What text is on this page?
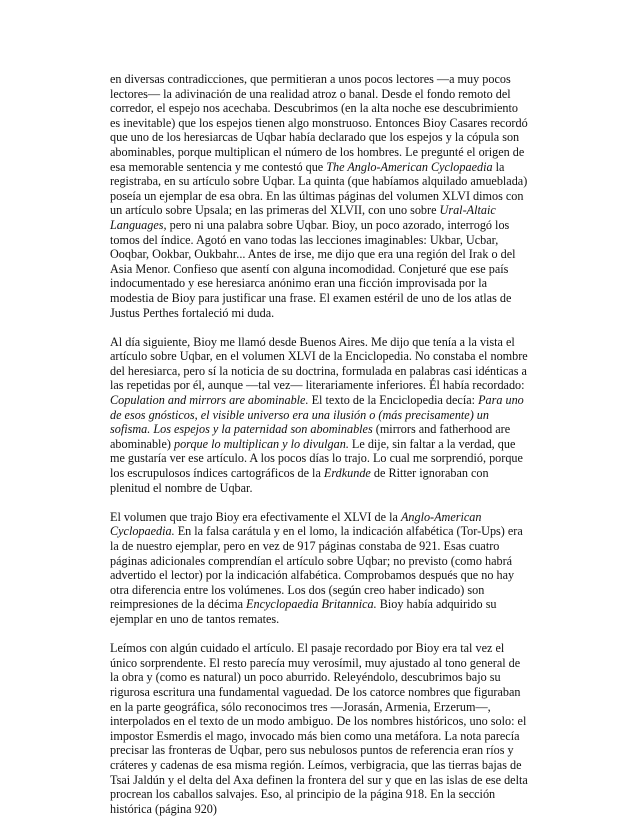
en diversas contradicciones, que permitieran a unos pocos lectores —a muy pocos lectores— la adivinación de una realidad atroz o banal. Desde el fondo remoto del corredor, el espejo nos acechaba. Descubrimos (en la alta noche ese descubrimiento es inevitable) que los espejos tienen algo monstruoso. Entonces Bioy Casares recordó que uno de los heresiarcas de Uqbar había declarado que los espejos y la cópula son abominables, porque multiplican el número de los hombres. Le pregunté el origen de esa memorable sentencia y me contestó que The Anglo-American Cyclopaedia la registraba, en su artículo sobre Uqbar. La quinta (que habíamos alquilado amueblada) poseía un ejemplar de esa obra. En las últimas páginas del volumen XLVI dimos con un artículo sobre Upsala; en las primeras del XLVII, con uno sobre Ural-Altaic Languages, pero ni una palabra sobre Uqbar. Bioy, un poco azorado, interrogó los tomos del índice. Agotó en vano todas las lecciones imaginables: Ukbar, Ucbar, Ooqbar, Ookbar, Oukbahr... Antes de irse, me dijo que era una región del Irak o del Asia Menor. Confieso que asentí con alguna incomodidad. Conjeturé que ese país indocumentado y ese heresiarca anónimo eran una ficción improvisada por la modestia de Bioy para justificar una frase. El examen estéril de uno de los atlas de Justus Perthes fortaleció mi duda.

Al día siguiente, Bioy me llamó desde Buenos Aires. Me dijo que tenía a la vista el artículo sobre Uqbar, en el volumen XLVI de la Enciclopedia. No constaba el nombre del heresiarca, pero sí la noticia de su doctrina, formulada en palabras casi idénticas a las repetidas por él, aunque —tal vez— literariamente inferiores. Él había recordado: Copulation and mirrors are abominable. El texto de la Enciclopedia decía: Para uno de esos gnósticos, el visible universo era una ilusión o (más precisamente) un sofisma. Los espejos y la paternidad son abominables (mirrors and fatherhood are abominable) porque lo multiplican y lo divulgan. Le dije, sin faltar a la verdad, que me gustaría ver ese artículo. A los pocos días lo trajo. Lo cual me sorprendió, porque los escrupulosos índices cartográficos de la Erdkunde de Ritter ignoraban con plenitud el nombre de Uqbar.

El volumen que trajo Bioy era efectivamente el XLVI de la Anglo-American Cyclopaedia. En la falsa carátula y en el lomo, la indicación alfabética (Tor-Ups) era la de nuestro ejemplar, pero en vez de 917 páginas constaba de 921. Esas cuatro páginas adicionales comprendían el artículo sobre Uqbar; no previsto (como habrá advertido el lector) por la indicación alfabética. Comprobamos después que no hay otra diferencia entre los volúmenes. Los dos (según creo haber indicado) son reimpresiones de la décima Encyclopaedia Britannica. Bioy había adquirido su ejemplar en uno de tantos remates.

Leímos con algún cuidado el artículo. El pasaje recordado por Bioy era tal vez el único sorprendente. El resto parecía muy verosímil, muy ajustado al tono general de la obra y (como es natural) un poco aburrido. Releyéndolo, descubrimos bajo su rigurosa escritura una fundamental vaguedad. De los catorce nombres que figuraban en la parte geográfica, sólo reconocimos tres —Jorasán, Armenia, Erzerum—, interpolados en el texto de un modo ambiguo. De los nombres históricos, uno solo: el impostor Esmerdis el mago, invocado más bien como una metáfora. La nota parecía precisar las fronteras de Uqbar, pero sus nebulosos puntos de referencia eran ríos y cráteres y cadenas de esa misma región. Leímos, verbigracia, que las tierras bajas de Tsai Jaldún y el delta del Axa definen la frontera del sur y que en las islas de ese delta procrean los caballos salvajes. Eso, al principio de la página 918. En la sección histórica (página 920)
